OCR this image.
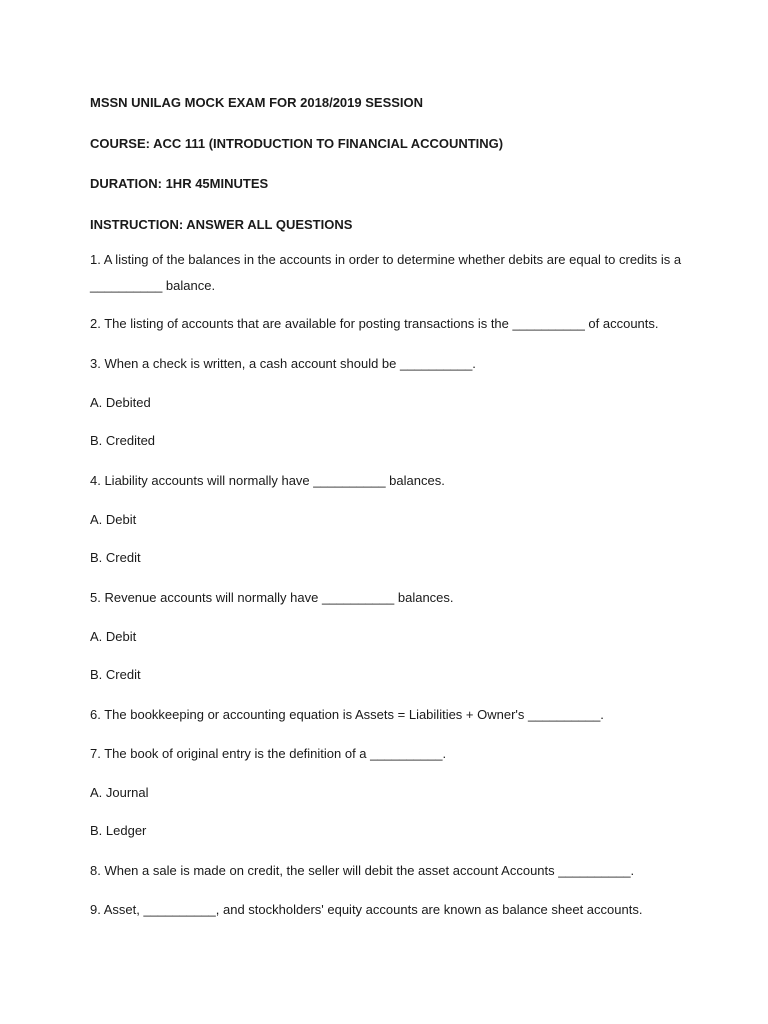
MSSN UNILAG MOCK EXAM FOR 2018/2019 SESSION

COURSE: ACC 111 (INTRODUCTION TO FINANCIAL ACCOUNTING)

DURATION: 1HR 45MINUTES

INSTRUCTION: ANSWER ALL QUESTIONS

1. A listing of the balances in the accounts in order to determine whether debits are equal to credits is a __________ balance.

2. The listing of accounts that are available for posting transactions is the __________ of accounts.

3. When a check is written, a cash account should be __________.

A. Debited

B. Credited

4. Liability accounts will normally have __________ balances.

A. Debit

B. Credit

5. Revenue accounts will normally have __________ balances.

A. Debit

B. Credit

6. The bookkeeping or accounting equation is Assets = Liabilities + Owner's __________.

7. The book of original entry is the definition of a __________.

A. Journal

B. Ledger

8. When a sale is made on credit, the seller will debit the asset account Accounts __________.

9. Asset, __________, and stockholders' equity accounts are known as balance sheet accounts.
